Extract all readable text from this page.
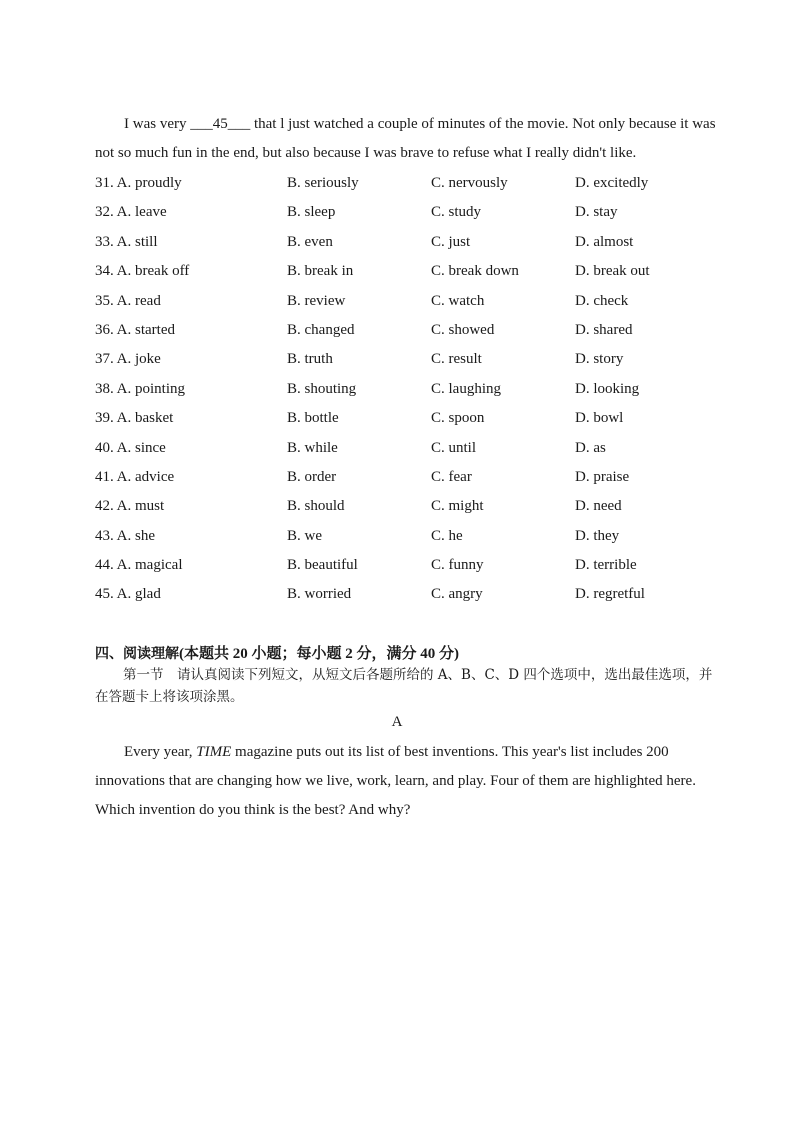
I was very ___45___ that l just watched a couple of minutes of the movie. Not only because it was not so much fun in the end, but also because I was brave to refuse what I really didn't like.

31. A. proudly	B. seriously	C. nervously	D. excitedly
32. A. leave	B. sleep	C. study	D. stay
33. A. still	B. even	C. just	D. almost
34. A. break off	B. break in	C. break down	D. break out
35. A. read	B. review	C. watch	D. check
36. A. started	B. changed	C. showed	D. shared
37. A. joke	B. truth	C. result	D. story
38. A. pointing	B. shouting	C. laughing	D. looking
39. A. basket	B. bottle	C. spoon	D. bowl
40. A. since	B. while	C. until	D. as
41. A. advice	B. order	C. fear	D. praise
42. A. must	B. should	C. might	D. need
43. A. she	B. we	C. he	D. they
44. A. magical	B. beautiful	C. funny	D. terrible
45. A. glad	B. worried	C. angry	D. regretful

四、阅读理解(本题共 20 小题；每小题 2 分，满分 40 分)

第一节　请认真阅读下列短文，从短文后各题所给的 A、B、C、D 四个选项中，选出最佳选项，并在答题卡上将该项涂黑。

A

Every year, TIME magazine puts out its list of best inventions. This year's list includes 200 innovations that are changing how we live, work, learn, and play. Four of them are highlighted here. Which invention do you think is the best? And why?
